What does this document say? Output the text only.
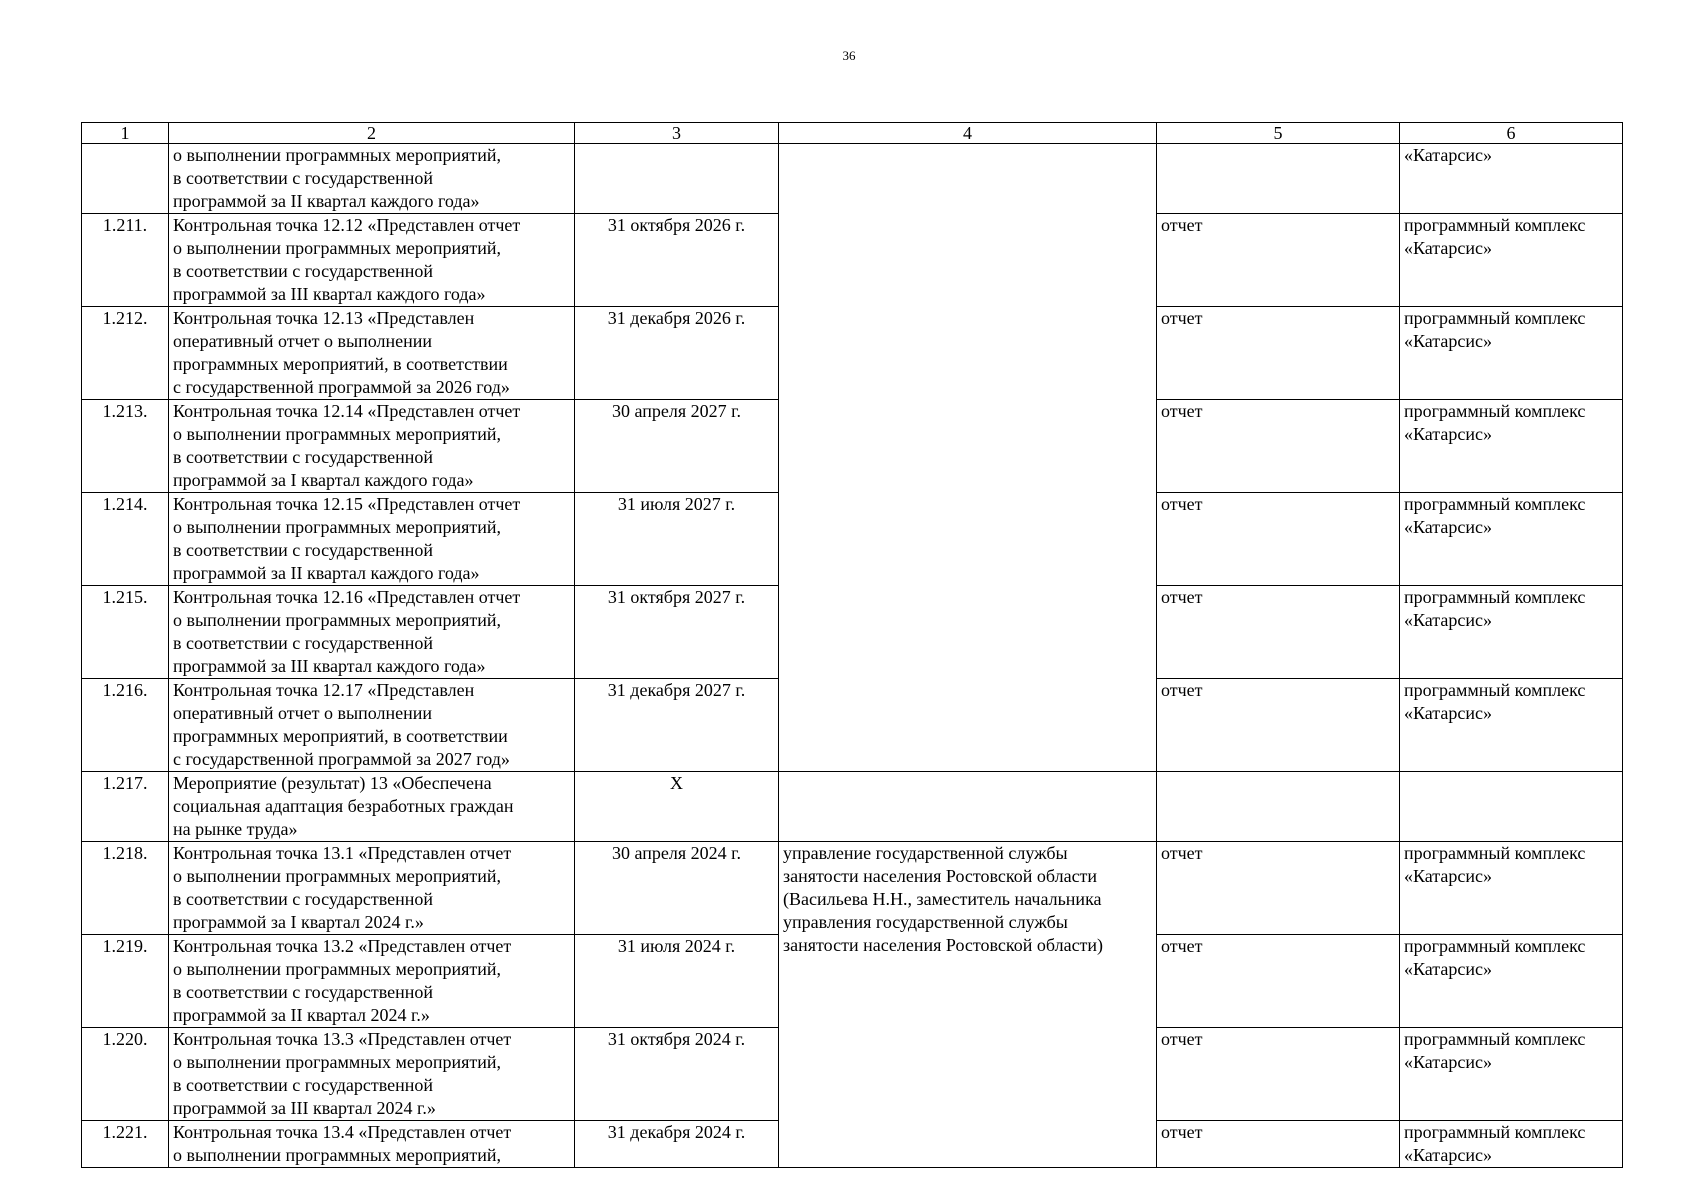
36
1	2	3	4	5	6

	о выполнении программных мероприятий,
в соответствии с государственной
программой за II квартал каждого года»				«Катарсис»

1.211.	Контрольная точка 12.12 «Представлен отчет
о выполнении программных мероприятий,
в соответствии с государственной
программой за III квартал каждого года»	31 октября 2026 г.		отчет	программный комплекс
«Катарсис»

1.212.	Контрольная точка 12.13 «Представлен
оперативный отчет о выполнении
программных мероприятий, в соответствии
с государственной программой за 2026 год»	31 декабря 2026 г.		отчет	программный комплекс
«Катарсис»

1.213.	Контрольная точка 12.14 «Представлен отчет
о выполнении программных мероприятий,
в соответствии с государственной
программой за I квартал каждого года»	30 апреля 2027 г.		отчет	программный комплекс
«Катарсис»

1.214.	Контрольная точка 12.15 «Представлен отчет
о выполнении программных мероприятий,
в соответствии с государственной
программой за II квартал каждого года»	31 июля 2027 г.		отчет	программный комплекс
«Катарсис»

1.215.	Контрольная точка 12.16 «Представлен отчет
о выполнении программных мероприятий,
в соответствии с государственной
программой за III квартал каждого года»	31 октября 2027 г.		отчет	программный комплекс
«Катарсис»

1.216.	Контрольная точка 12.17 «Представлен
оперативный отчет о выполнении
программных мероприятий, в соответствии
с государственной программой за 2027 год»	31 декабря 2027 г.		отчет	программный комплекс
«Катарсис»

1.217.	Мероприятие (результат) 13 «Обеспечена
социальная адаптация безработных граждан
на рынке труда»	Х			
1.218.	Контрольная точка 13.1 «Представлен отчет
о выполнении программных мероприятий,
в соответствии с государственной
программой за I квартал 2024 г.»	30 апреля 2024 г.	управление государственной службы
занятости населения Ростовской области
(Васильева Н.Н., заместитель начальника
управления государственной службы
занятости населения Ростовской области)	отчет	программный комплекс
«Катарсис»

1.219.	Контрольная точка 13.2 «Представлен отчет
о выполнении программных мероприятий,
в соответствии с государственной
программой за II квартал 2024 г.»	31 июля 2024 г.		отчет	программный комплекс
«Катарсис»

1.220.	Контрольная точка 13.3 «Представлен отчет
о выполнении программных мероприятий,
в соответствии с государственной
программой за III квартал 2024 г.»	31 октября 2024 г.		отчет	программный комплекс
«Катарсис»

1.221.	Контрольная точка 13.4 «Представлен отчет
о выполнении программных мероприятий,	31 декабря 2024 г.		отчет	программный комплекс
«Катарсис»
